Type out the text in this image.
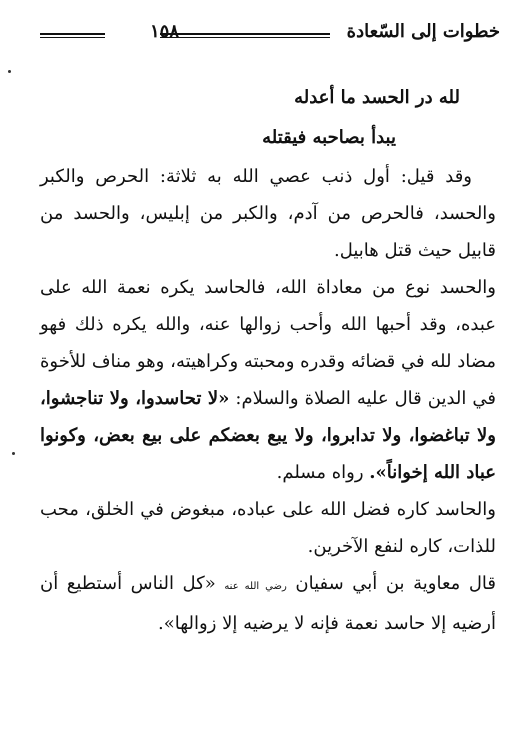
خطوات إلى السّعادة
١٥٨
لله در الحسد ما أعدله
يبدأ بصاحبه فيقتله

وقد قيل: أول ذنب عصي الله به ثلاثة: الحرص والكبر والحسد، فالحرص من آدم، والكبر من إبليس، والحسد من قابيل حيث قتل هابيل.

والحسد نوع من معاداة الله، فالحاسد يكره نعمة الله على عبده، وقد أحبها الله وأحب زوالها عنه، والله يكره ذلك فهو مضاد لله في قضائه وقدره ومحبته وكراهيته، وهو مناف للأخوة في الدين قال عليه الصلاة والسلام: «لا تحاسدوا، ولا تناجشوا، ولا تباغضوا، ولا تدابروا، ولا يبع بعضكم على بيع بعض، وكونوا عباد الله إخواناً». رواه مسلم.

والحاسد كاره فضل الله على عباده، مبغوض في الخلق، محب للذات، كاره لنفع الآخرين.

قال معاوية بن أبي سفيان رضي الله عنه «كل الناس أستطيع أن أرضيه إلا حاسد نعمة فإنه لا يرضيه إلا زوالها».
